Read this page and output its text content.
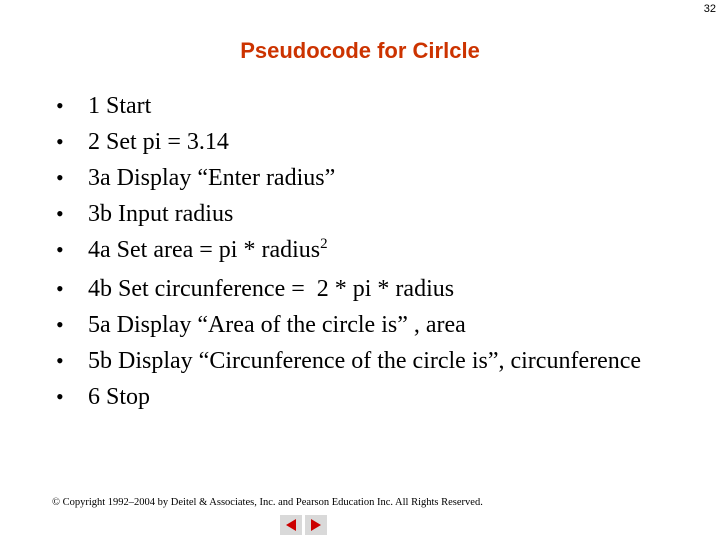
32
Pseudocode for Cirlcle
• 1 Start
• 2 Set pi = 3.14
• 3a Display “Enter radius”
• 3b Input radius
• 4a Set area = pi * radius$^2$
• 4b Set circunference =  2 * pi * radius
• 5a Display “Area of the circle is” , area
• 5b Display “Circunference of the circle is”, circunference
• 6 Stop
© Copyright 1992–2004 by Deitel & Associates, Inc. and Pearson Education Inc. All Rights Reserved.
